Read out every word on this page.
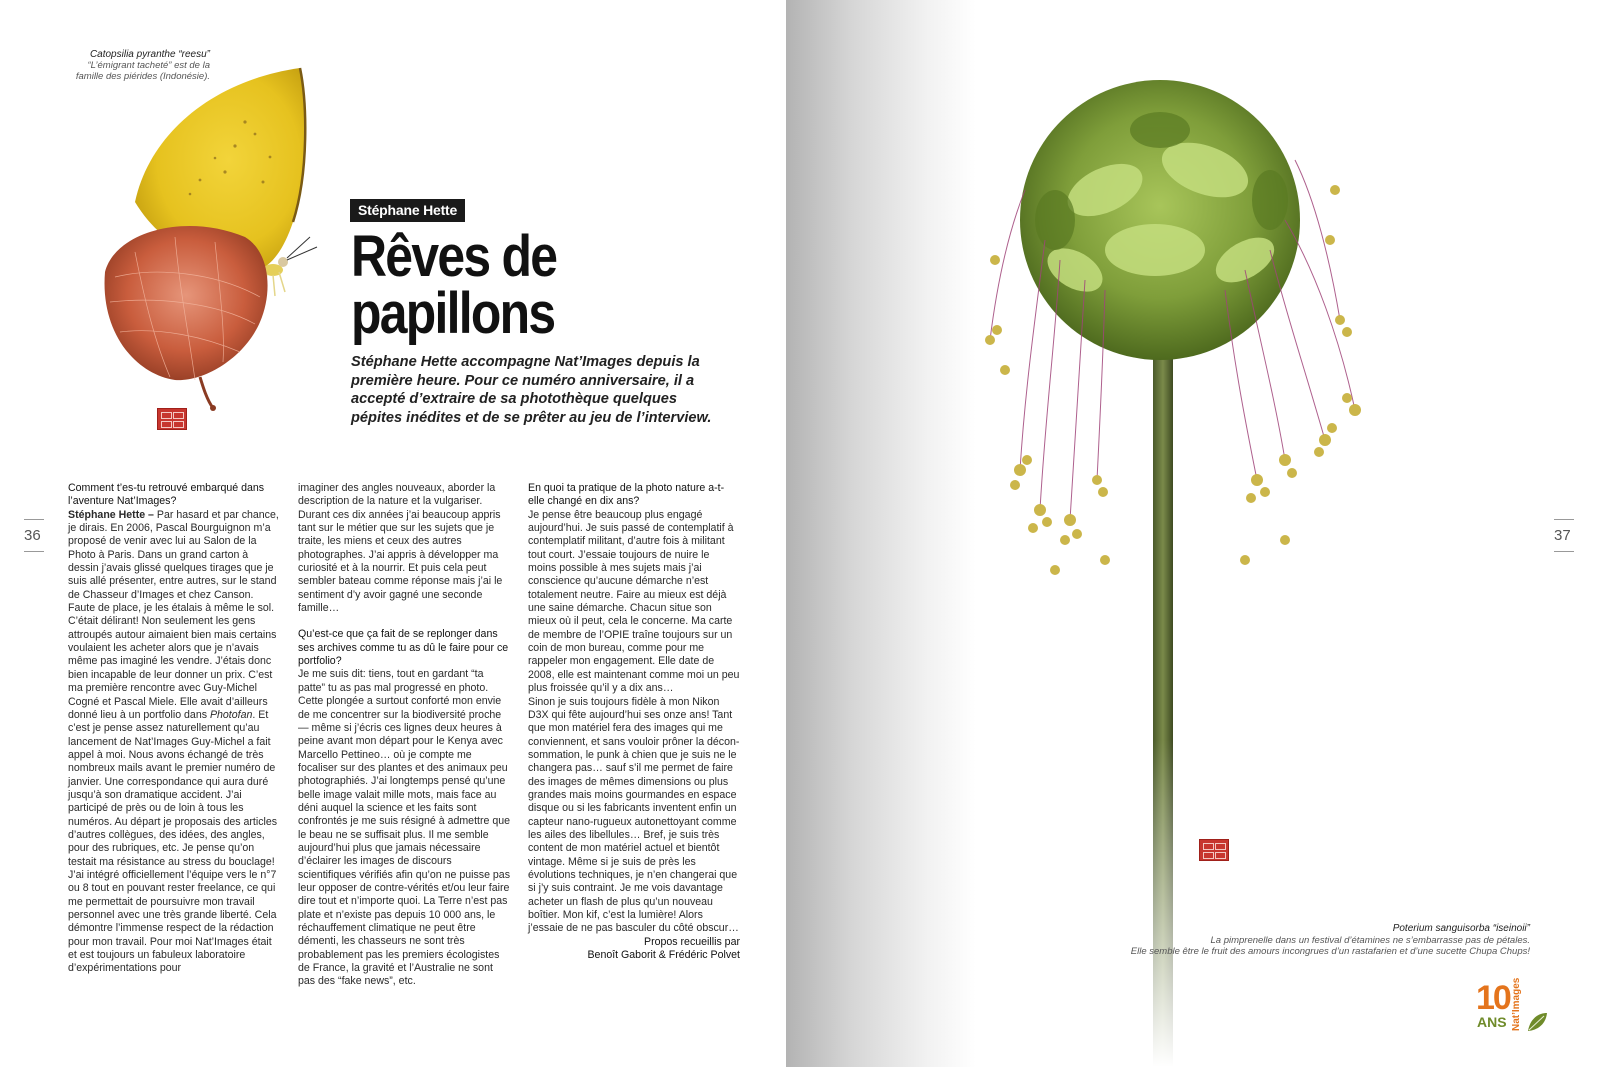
36
Catopsilia pyranthe “reesu”
“L’émigrant tacheté” est de la famille des piérides (Indonésie).
Stéphane Hette
Rêves de
papillons

Stéphane Hette accompagne Nat’Images depuis la première heure. Pour ce numéro anniversaire, il a accepté d’extraire de sa photothèque quelques pépites inédites et de se prêter au jeu de l’interview.

Comment t’es-tu retrouvé embarqué dans l’aventure Nat’Images?

Stéphane Hette – Par hasard et par chance, je dirais. En 2006, Pascal Bourguignon m’a proposé de venir avec lui au Salon de la Photo à Paris. Dans un grand carton à dessin j’avais glissé quelques tirages que je suis allé présenter, entre autres, sur le stand de Chasseur d’Images et chez Canson. Faute de place, je les étalais à même le sol. C’était délirant! Non seulement les gens attroupés autour aimaient bien mais certains voulaient les acheter alors que je n’avais même pas imaginé les vendre. J’étais donc bien incapable de leur donner un prix. C’est ma première rencontre avec Guy-Michel Cogné et Pascal Miele. Elle avait d’ailleurs donné lieu à un portfolio dans Photofan. Et c’est je pense assez naturellement qu’au lancement de Nat’Images Guy-Michel a fait appel à moi. Nous avons échangé de très nombreux mails avant le premier numéro de janvier. Une correspondance qui aura duré jusqu’à son dramatique accident. J’ai participé de près ou de loin à tous les numéros. Au départ je proposais des articles d’autres collègues, des idées, des angles, pour des rubriques, etc. Je pense qu’on testait ma résistance au stress du bouclage! J’ai intégré officiellement l’équipe vers le n°7 ou 8 tout en pouvant rester freelance, ce qui me permettait de poursuivre mon travail personnel avec une très grande liberté. Cela démontre l’immense respect de la rédaction pour mon travail. Pour moi Nat’Images était et est toujours un fabuleux laboratoire d’expérimentations pour

imaginer des angles nouveaux, aborder la description de la nature et la vulgariser. Durant ces dix années j’ai beaucoup appris tant sur le métier que sur les sujets que je traite, les miens et ceux des autres photographes. J’ai appris à développer ma curiosité et à la nourrir. Et puis cela peut sembler bateau comme réponse mais j’ai le sentiment d’y avoir gagné une seconde famille…

Qu’est-ce que ça fait de se replonger dans ses archives comme tu as dû le faire pour ce portfolio?

Je me suis dit: tiens, tout en gardant “ta patte” tu as pas mal progressé en photo. Cette plongée a surtout conforté mon envie de me concentrer sur la biodiversité proche — même si j’écris ces lignes deux heures à peine avant mon départ pour le Kenya avec Marcello Pettineo… où je compte me focaliser sur des plantes et des animaux peu photographiés. J’ai longtemps pensé qu’une belle image valait mille mots, mais face au déni auquel la science et les faits sont confrontés je me suis résigné à admettre que le beau ne se suffisait plus. Il me semble aujourd’hui plus que jamais nécessaire d’éclairer les images de discours scientifiques vérifiés afin qu’on ne puisse pas leur opposer de contre-vérités et/ou leur faire dire tout et n’importe quoi. La Terre n’est pas plate et n’existe pas depuis 10 000 ans, le réchauffement climatique ne peut être démenti, les chasseurs ne sont très probablement pas les premiers écologistes de France, la gravité et l’Australie ne sont pas des “fake news”, etc.

En quoi ta pratique de la photo nature a-t-elle changé en dix ans?

Je pense être beaucoup plus engagé aujourd’hui. Je suis passé de contemplatif à contemplatif militant, d’autre fois à militant tout court. J’essaie toujours de nuire le moins possible à mes sujets mais j’ai conscience qu’aucune démarche n’est totalement neutre. Faire au mieux est déjà une saine démarche. Chacun situe son mieux où il peut, cela le concerne. Ma carte de membre de l’OPIE traîne toujours sur un coin de mon bureau, comme pour me rappeler mon engagement. Elle date de 2008, elle est maintenant comme moi un peu plus froissée qu’il y a dix ans…

Sinon je suis toujours fidèle à mon Nikon D3X qui fête aujourd’hui ses onze ans! Tant que mon matériel fera des images qui me conviennent, et sans vouloir prôner la décon-sommation, le punk à chien que je suis ne le changera pas… sauf s’il me permet de faire des images de mêmes dimensions ou plus grandes mais moins gourmandes en espace disque ou si les fabricants inventent enfin un capteur nano-rugueux autonettoyant comme les ailes des libellules… Bref, je suis très content de mon matériel actuel et bientôt vintage. Même si je suis de près les évolutions techniques, je n’en changerai que si j’y suis contraint. Je me vois davantage acheter un flash de plus qu’un nouveau boîtier. Mon kif, c’est la lumière! Alors j’essaie de ne pas basculer du côté obscur…

Propos recueillis par
Benoît Gaborit & Frédéric Polvet

37
Poterium sanguisorba “iseinoii”
La pimprenelle dans un festival d’étamines ne s’embarrasse pas de pétales.
Elle semble être le fruit des amours incongrues d’un rastafarien et d’une sucette Chupa Chups!
10
ANS Nat’Images
